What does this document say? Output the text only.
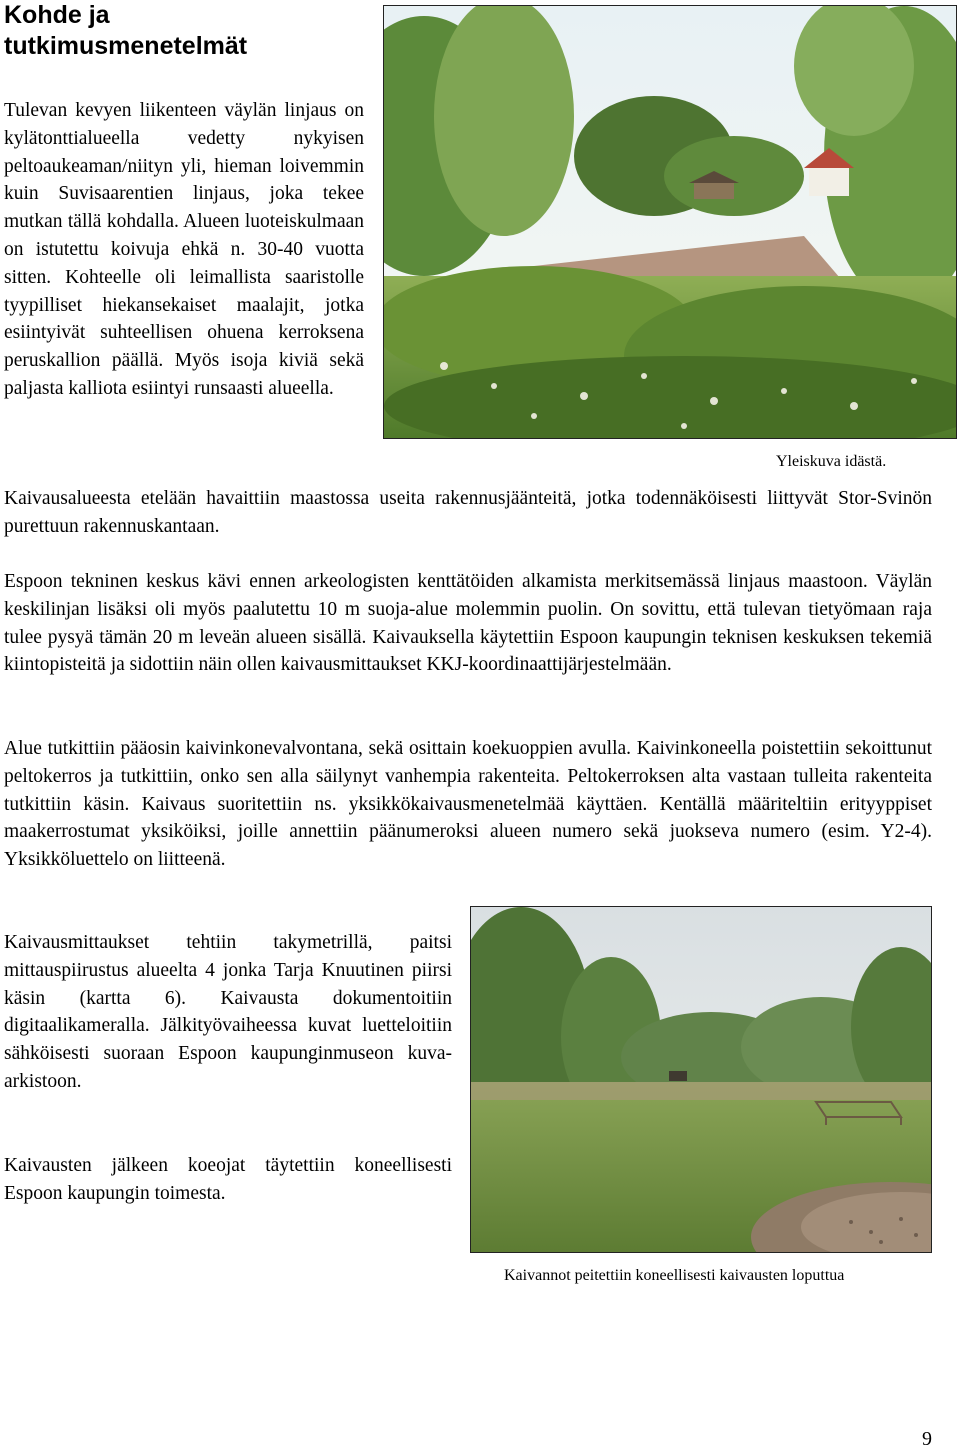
Kohde ja
tutkimusmenetelmät
Tulevan kevyen liikenteen väylän linjaus on kylätonttialueella vedetty nykyisen peltoaukeaman/niityn yli, hieman loivemmin kuin Suvisaarentien linjaus, joka tekee mutkan tällä kohdalla. Alueen luoteiskulmaan on istutettu koivuja ehkä n. 30-40 vuotta sitten. Kohteelle oli leimallista saaristolle tyypilliset hiekansekaiset maalajit, jotka esiintyivät suhteellisen ohuena kerroksena peruskallion päällä. Myös isoja kiviä sekä paljasta kalliota esiintyi runsaasti alueella.
Yleiskuva idästä.
Kaivausalueesta etelään havaittiin maastossa useita rakennusjäänteitä, jotka todennäköisesti liittyvät Stor-Svinön purettuun rakennuskantaan.
Espoon tekninen keskus kävi ennen arkeologisten kenttätöiden alkamista merkitsemässä linjaus maastoon. Väylän keskilinjan lisäksi oli myös paalutettu 10 m suoja-alue molemmin puolin. On sovittu, että tulevan tietyömaan raja tulee pysyä tämän 20 m leveän alueen sisällä. Kaivauksella käytettiin Espoon kaupungin teknisen keskuksen tekemiä kiintopisteitä ja sidottiin näin ollen kaivausmittaukset KKJ-koordinaattijärjestelmään.
Alue tutkittiin pääosin kaivinkonevalvontana, sekä osittain koekuoppien avulla. Kaivinkoneella poistettiin sekoittunut peltokerros ja tutkittiin, onko sen alla säilynyt vanhempia rakenteita. Peltokerroksen alta vastaan tulleita rakenteita tutkittiin käsin. Kaivaus suoritettiin ns. yksikkökaivausmenetelmää käyttäen. Kentällä määriteltiin erityyppiset maakerrostumat yksiköiksi, joille annettiin päänumeroksi alueen numero sekä juokseva numero (esim. Y2-4). Yksikköluettelo on liitteenä.
Kaivausmittaukset tehtiin takymetrillä, paitsi mittauspiirustus alueelta 4 jonka Tarja Knuutinen piirsi käsin (kartta 6). Kaivausta dokumentoitiin digitaalikameralla. Jälkityövaiheessa kuvat luetteloitiin sähköisesti suoraan Espoon kaupunginmuseon kuva-arkistoon.
Kaivausten jälkeen koeojat täytettiin koneellisesti Espoon kaupungin toimesta.
Kaivannot peitettiin koneellisesti kaivausten loputtua
9
